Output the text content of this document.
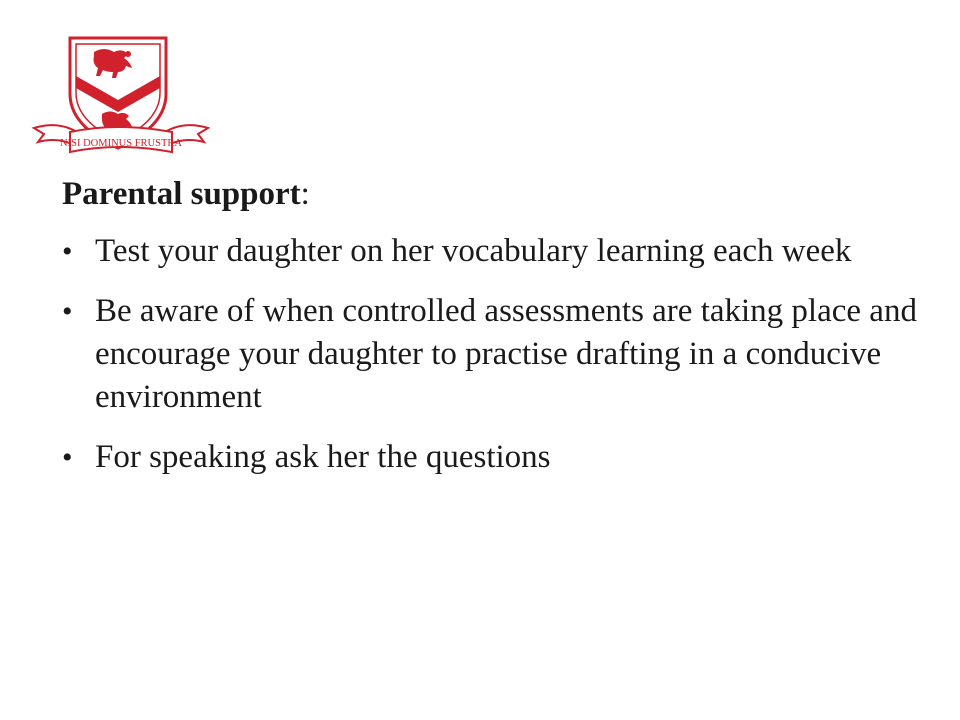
NISI DOMINUS FRUSTRA
Parental support:
• Test your daughter on her vocabulary learning each week
• Be aware of when controlled assessments are taking place and encourage your daughter to practise drafting in a conducive environment
• For speaking ask her the questions
